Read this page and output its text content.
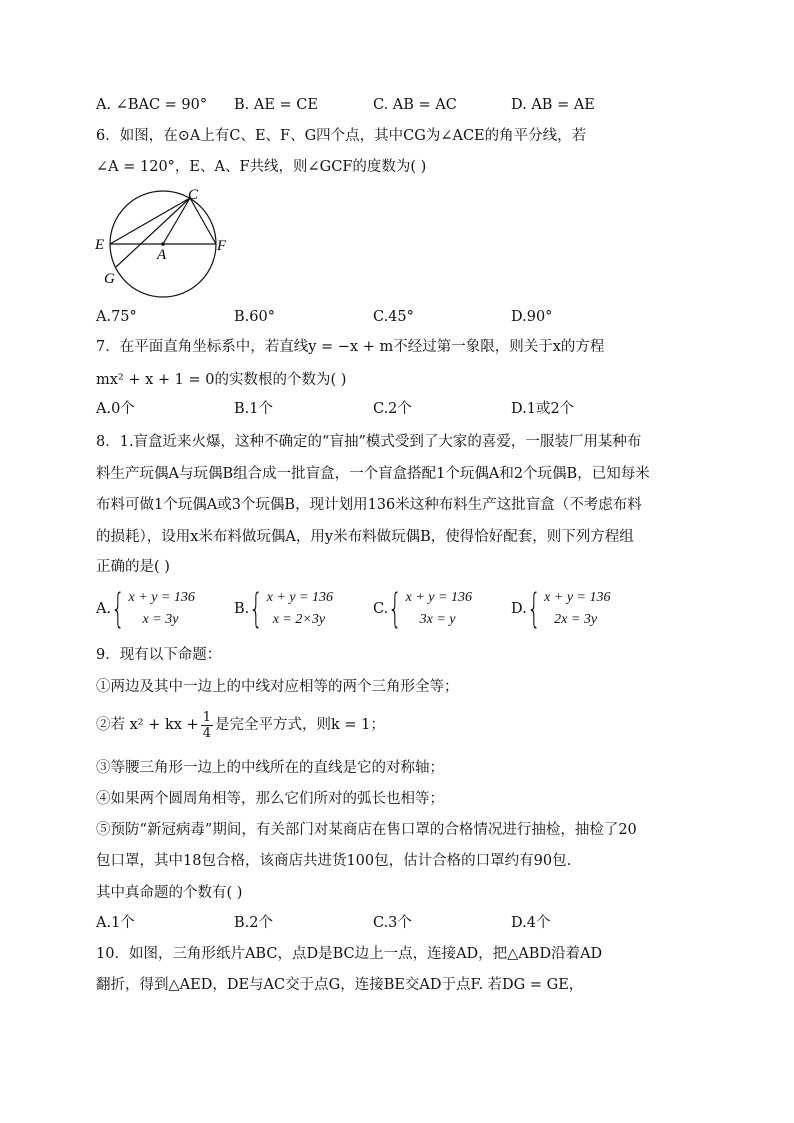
A. ∠BAC = 90° B. AE = CE	C. AB = AC	D. AB = AE
6．如图，在⊙A上有C、E、F、G四个点，其中CG为∠ACE的角平分线，若
∠A = 120°，E、A、F共线，则∠GCF的度数为( )
C
E
A
F
G
A.75°	B.60°	C.45°	D.90°
7．在平面直角坐标系中，若直线y = −x + m不经过第一象限，则关于x的方程
mx² + x + 1 = 0的实数根的个数为( )
A.0个	B.1个	C.2个	D.1或2个
8．1.盲盒近来火爆，这种不确定的“盲抽”模式受到了大家的喜爱，一服装厂用某种布
料生产玩偶A与玩偶B组合成一批盲盒，一个盲盒搭配1个玩偶A和2个玩偶B，已知每米
布料可做1个玩偶A或3个玩偶B，现计划用136米这种布料生产这批盲盒（不考虑布料
的损耗），设用x米布料做玩偶A，用y米布料做玩偶B，使得恰好配套，则下列方程组
正确的是( )
A. { x + y = 136
x = 3y
B. { x + y = 136
x = 2×3y
C. { x + y = 136
3x = y
D. { x + y = 136
2x = 3y
9．现有以下命题：
①两边及其中一边上的中线对应相等的两个三角形全等；
②若 x² + kx + $\frac{1}{4}$ 是完全平方式，则k = 1；
③等腰三角形一边上的中线所在的直线是它的对称轴；
④如果两个圆周角相等，那么它们所对的弧长也相等；
⑤预防“新冠病毒”期间，有关部门对某商店在售口罩的合格情况进行抽检，抽检了20
包口罩，其中18包合格，该商店共进货100包，估计合格的口罩约有90包.
其中真命题的个数有( )
A.1个	B.2个	C.3个	D.4个
10．如图，三角形纸片ABC，点D是BC边上一点，连接AD，把△ABD沿着AD
翻折，得到△AED，DE与AC交于点G，连接BE交AD于点F. 若DG = GE，
